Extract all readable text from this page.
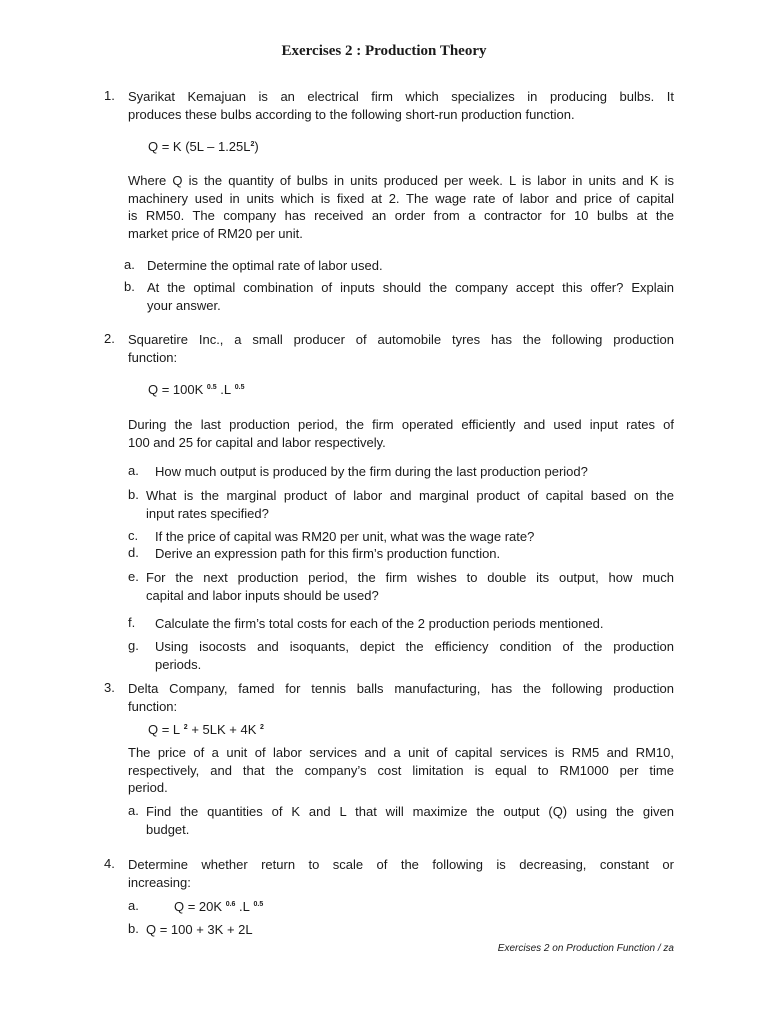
Exercises 2 : Production Theory
1. Syarikat Kemajuan is an electrical firm which specializes in producing bulbs. It
produces these bulbs according to the following short-run production function.
Q = K $(5L - 1.25L^2)$
Where Q is the quantity of bulbs in units produced per week. L is labor in units and K is
machinery used in units which is fixed at 2. The wage rate of labor and price of capital
is RM50. The company has received an order from a contractor for 10 bulbs at the
market price of RM20 per unit.
a. Determine the optimal rate of labor used.
b. At the optimal combination of inputs should the company accept this offer? Explain
your answer.
2. Squaretire Inc., a small producer of automobile tyres has the following production
function:
Q = 100K $^{0.5}$ .L $^{0.5}$
During the last production period, the firm operated efficiently and used input rates of
100 and 25 for capital and labor respectively.
a. How much output is produced by the firm during the last production period?
b. What is the marginal product of labor and marginal product of capital based on the
input rates specified?
c. If the price of capital was RM20 per unit, what was the wage rate?
d. Derive an expression path for this firm’s production function.
e. For the next production period, the firm wishes to double its output, how much
capital and labor inputs should be used?
f. Calculate the firm’s total costs for each of the 2 production periods mentioned.
g. Using isocosts and isoquants, depict the efficiency condition of the production
periods.
3. Delta Company, famed for tennis balls manufacturing, has the following production
function:
Q = L $^2$ + 5LK + 4K $^2$
The price of a unit of labor services and a unit of capital services is RM5 and RM10,
respectively, and that the company’s cost limitation is equal to RM1000 per time
period.
a. Find the quantities of K and L that will maximize the output (Q) using the given
budget.
4. Determine whether return to scale of the following is decreasing, constant or
increasing:
a.	Q = 20K $^{0.6}$ .L $^{0.5}$
b. Q = 100 + 3K + 2L
Exercises 2 on Production Function / za
